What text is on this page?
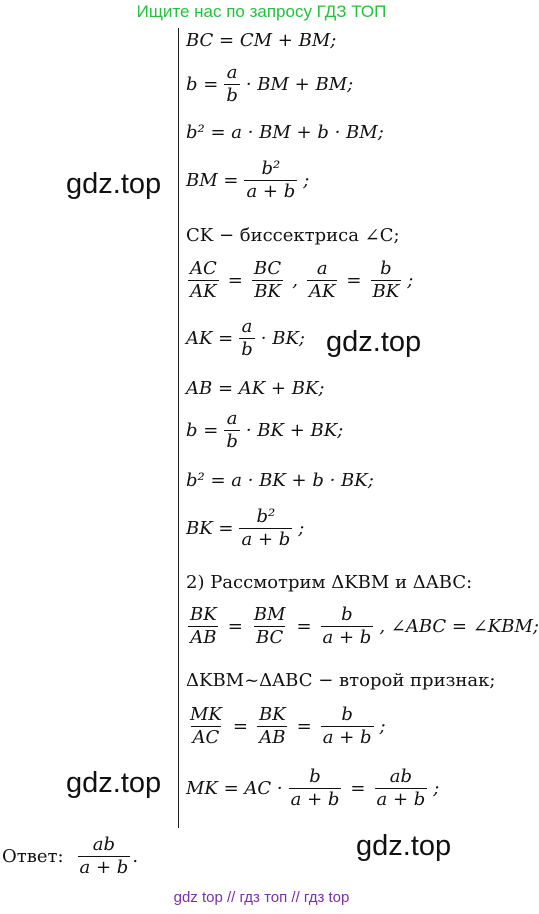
Ищите нас по запросу ГДЗ ТОП
gdz.top
gdz.top
gdz.top
gdz.top
BC = CM + BM;
$b = \frac{a}{b}$ · BM + BM;
b² = a · BM + b · BM;
BM = $\frac{\text{b²}}{a + b}$ ;
CK − биссектриса ∠C;
$\frac{AC}{AK} = \frac{BC}{BK}$ , $\frac{a}{AK} = \frac{b}{BK}$ ;
AK = $\frac{a}{b}$ · BK;
AB = AK + BK;
$b = \frac{a}{b}$ · BK + BK;
b² = a · BK + b · BK;
BK = $\frac{\text{b²}}{a + b}$ ;
2) Рассмотрим ΔKBM и ΔABC:
$\frac{BK}{AB} = \frac{BM}{BC} = \frac{b}{a + b}$ , ∠ABC = ∠KBM;
ΔKBM~ΔABC − второй признак;
$\frac{MK}{AC} = \frac{BK}{AB} = \frac{b}{a + b}$ ;
MK = AC · $\frac{b}{a + b} = \frac{ab}{a + b}$ ;
Ответ: $\frac{ab}{a + b}$ .
gdz top // гдз топ // гдз top
